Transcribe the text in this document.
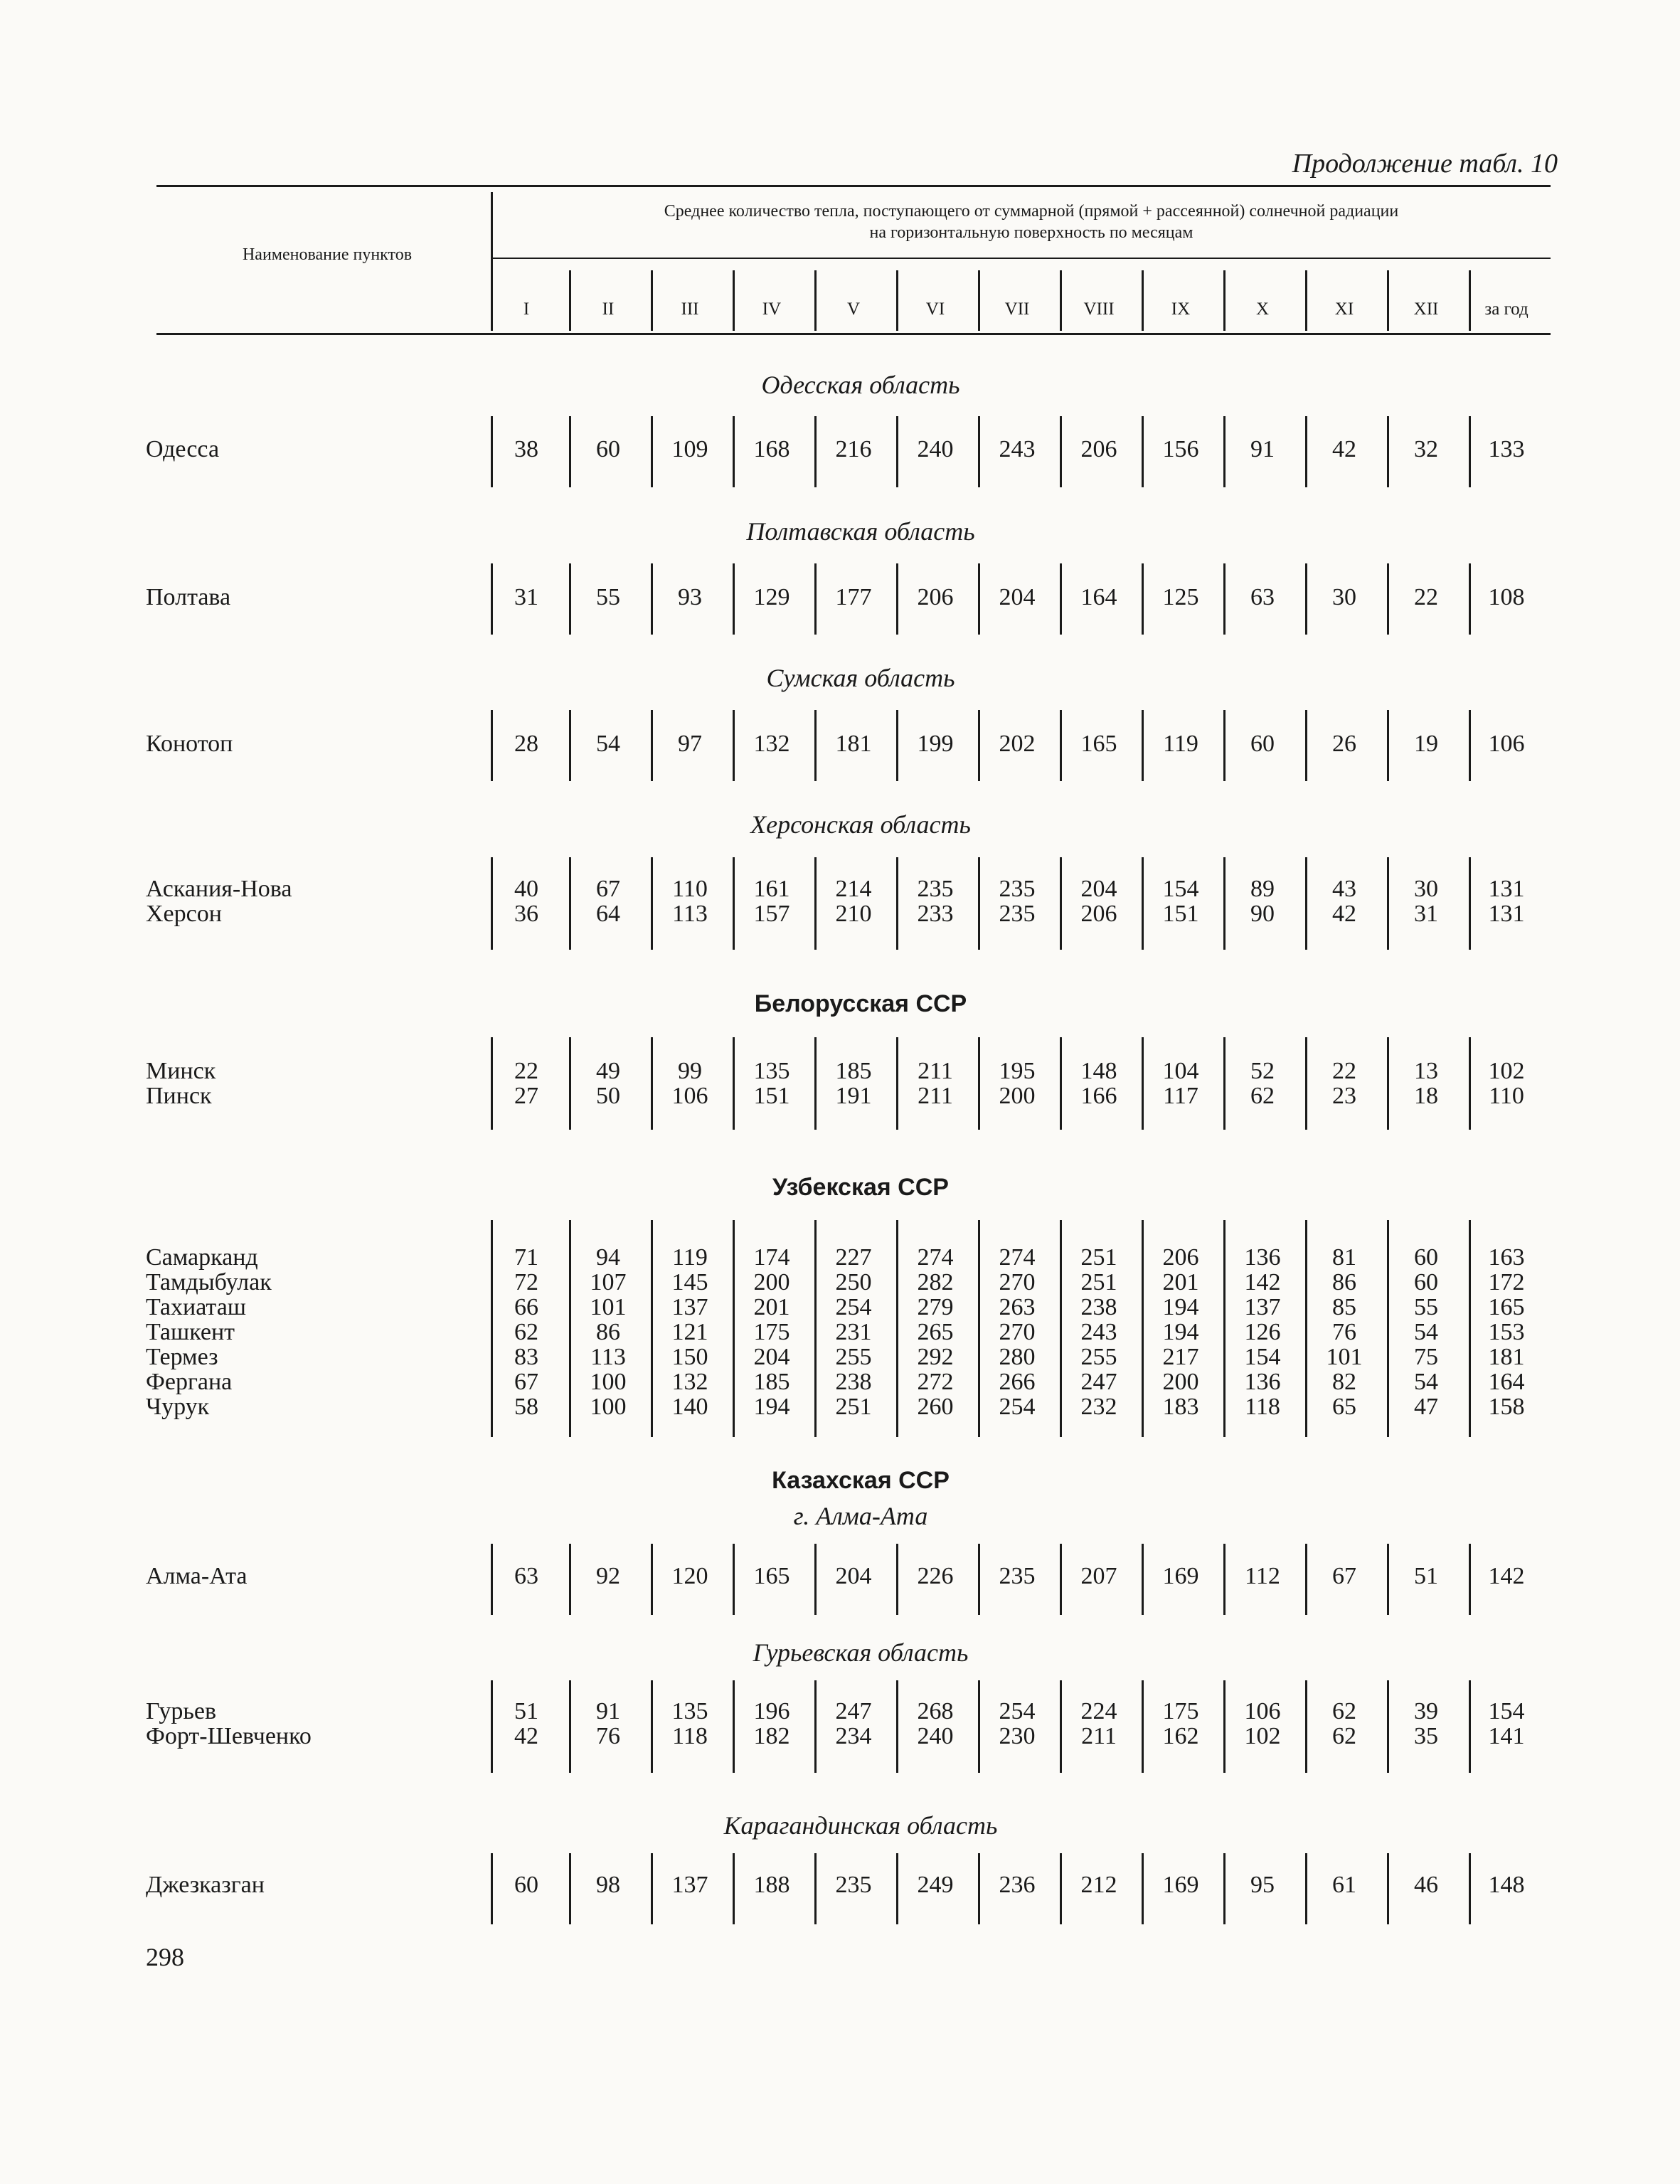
Продолжение табл. 10
Наименование пунктов
Среднее количество тепла, поступающего от суммарной (прямой + рассеянной) солнечной радиации
на горизонтальную поверхность по месяцам
I	II	III	IV	V	VI	VII	VIII	IX	X	XI	XII	за год
Одесская область
Одесса	38	60	109	168	216	240	243	206	156	91	42	32	133
Полтавская область
Полтава	31	55	93	129	177	206	204	164	125	63	30	22	108
Сумская область
Конотоп	28	54	97	132	181	199	202	165	119	60	26	19	106
Херсонская область
Аскания-Нова	40	67	110	161	214	235	235	204	154	89	43	30	131
Херсон	36	64	113	157	210	233	235	206	151	90	42	31	131
Белорусская ССР
Минск	22	49	99	135	185	211	195	148	104	52	22	13	102
Пинск	27	50	106	151	191	211	200	166	117	62	23	18	110
Узбекская ССР
Самарканд	71	94	119	174	227	274	274	251	206	136	81	60	163
Тамдыбулак	72	107	145	200	250	282	270	251	201	142	86	60	172
Тахиаташ	66	101	137	201	254	279	263	238	194	137	85	55	165
Ташкент	62	86	121	175	231	265	270	243	194	126	76	54	153
Термез	83	113	150	204	255	292	280	255	217	154	101	75	181
Фергана	67	100	132	185	238	272	266	247	200	136	82	54	164
Чурук	58	100	140	194	251	260	254	232	183	118	65	47	158
Казахская ССР
г. Алма-Ата
Алма-Ата	63	92	120	165	204	226	235	207	169	112	67	51	142
Гурьевская область
Гурьев	51	91	135	196	247	268	254	224	175	106	62	39	154
Форт-Шевченко	42	76	118	182	234	240	230	211	162	102	62	35	141
Карагандинская область
Джезказган	60	98	137	188	235	249	236	212	169	95	61	46	148
298
